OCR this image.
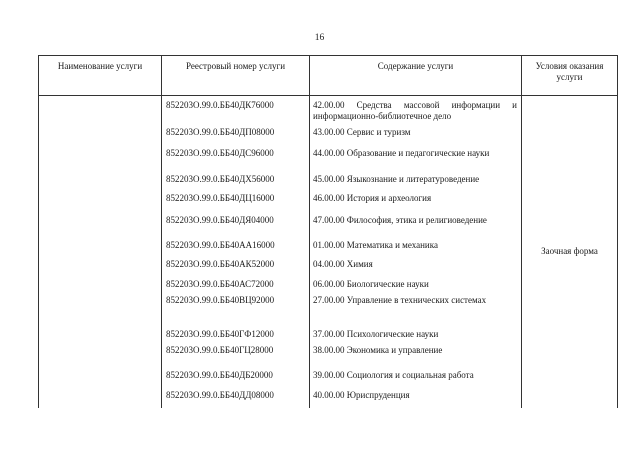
16
Наименование услуги	Реестровый номер услуги	Содержание услуги	Условия оказания услуги
	852203О.99.0.ББ40ДК76000	42.00.00 Средства массовой информации и информационно-библиотечное дело	Заочная форма
	852203О.99.0.ББ40ДП08000	43.00.00 Сервис и туризм	
	852203О.99.0.ББ40ДС96000	44.00.00 Образование и педагогические науки	
	852203О.99.0.ББ40ДХ56000	45.00.00 Языкознание и литературоведение	
	852203О.99.0.ББ40ДЦ16000	46.00.00 История и археология	
	852203О.99.0.ББ40ДЯ04000	47.00.00 Философия, этика и религиоведение	
	852203О.99.0.ББ40АА16000	01.00.00 Математика и механика	
	852203О.99.0.ББ40АК52000	04.00.00 Химия	
	852203О.99.0.ББ40АС72000	06.00.00 Биологические науки	
	852203О.99.0.ББ40ВЦ92000	27.00.00 Управление в технических системах	
	852203О.99.0.ББ40ГФ12000	37.00.00 Психологические науки	
	852203О.99.0.ББ40ГЦ28000	38.00.00 Экономика и управление	
	852203О.99.0.ББ40ДБ20000	39.00.00 Социология и социальная работа	
	852203О.99.0.ББ40ДД08000	40.00.00 Юриспруденция	
